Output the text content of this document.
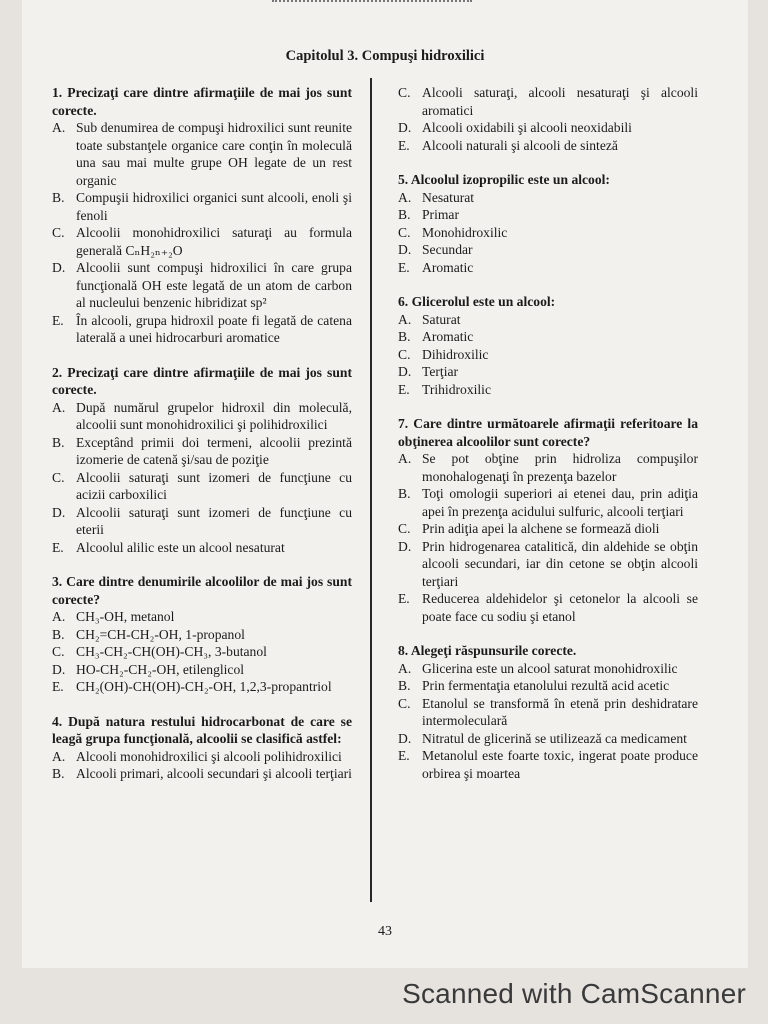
Capitolul 3. Compuşi hidroxilici
1. Precizaţi care dintre afirmaţiile de mai jos sunt corecte.
A. Sub denumirea de compuşi hidroxilici sunt reunite toate substanţele organice care conţin în moleculă una sau mai multe grupe OH legate de un rest organic
B. Compuşii hidroxilici organici sunt alcooli, enoli şi fenoli
C. Alcoolii monohidroxilici saturaţi au formula generală CₙH₂ₙ₊₂O
D. Alcoolii sunt compuşi hidroxilici în care grupa funcţională OH este legată de un atom de carbon al nucleului benzenic hibridizat sp²
E. În alcooli, grupa hidroxil poate fi legată de catena laterală a unei hidrocarburi aromatice
2. Precizaţi care dintre afirmaţiile de mai jos sunt corecte.
A. După numărul grupelor hidroxil din moleculă, alcoolii sunt monohidroxilici şi polihidroxilici
B. Exceptând primii doi termeni, alcoolii prezintă izomerie de catenă şi/sau de poziţie
C. Alcoolii saturaţi sunt izomeri de funcţiune cu acizii carboxilici
D. Alcoolii saturaţi sunt izomeri de funcţiune cu eterii
E. Alcoolul alilic este un alcool nesaturat
3. Care dintre denumirile alcoolilor de mai jos sunt corecte?
A. CH₃-OH, metanol
B. CH₂=CH-CH₂-OH, 1-propanol
C. CH₃-CH₂-CH(OH)-CH₃, 3-butanol
D. HO-CH₂-CH₂-OH, etilenglicol
E. CH₂(OH)-CH(OH)-CH₂-OH, 1,2,3-propantriol
4. După natura restului hidrocarbonat de care se leagă grupa funcţională, alcoolii se clasifică astfel:
A. Alcooli monohidroxilici şi alcooli polihidroxilici
B. Alcooli primari, alcooli secundari şi alcooli terţiari
C. Alcooli saturaţi, alcooli nesaturaţi şi alcooli aromatici
D. Alcooli oxidabili şi alcooli neoxidabili
E. Alcooli naturali şi alcooli de sinteză
5. Alcoolul izopropilic este un alcool:
A. Nesaturat
B. Primar
C. Monohidroxilic
D. Secundar
E. Aromatic
6. Glicerolul este un alcool:
A. Saturat
B. Aromatic
C. Dihidroxilic
D. Terţiar
E. Trihidroxilic
7. Care dintre următoarele afirmaţii referitoare la obţinerea alcoolilor sunt corecte?
A. Se pot obţine prin hidroliza compuşilor monohalogenaţi în prezenţa bazelor
B. Toţi omologii superiori ai etenei dau, prin adiţia apei în prezenţa acidului sulfuric, alcooli terţiari
C. Prin adiţia apei la alchene se formează dioli
D. Prin hidrogenarea catalitică, din aldehide se obţin alcooli secundari, iar din cetone se obţin alcooli terţiari
E. Reducerea aldehidelor şi cetonelor la alcooli se poate face cu sodiu şi etanol
8. Alegeţi răspunsurile corecte.
A. Glicerina este un alcool saturat monohidroxilic
B. Prin fermentaţia etanolului rezultă acid acetic
C. Etanolul se transformă în etenă prin deshidratare intermoleculară
D. Nitratul de glicerină se utilizează ca medicament
E. Metanolul este foarte toxic, ingerat poate produce orbirea şi moartea
43
Scanned with CamScanner
